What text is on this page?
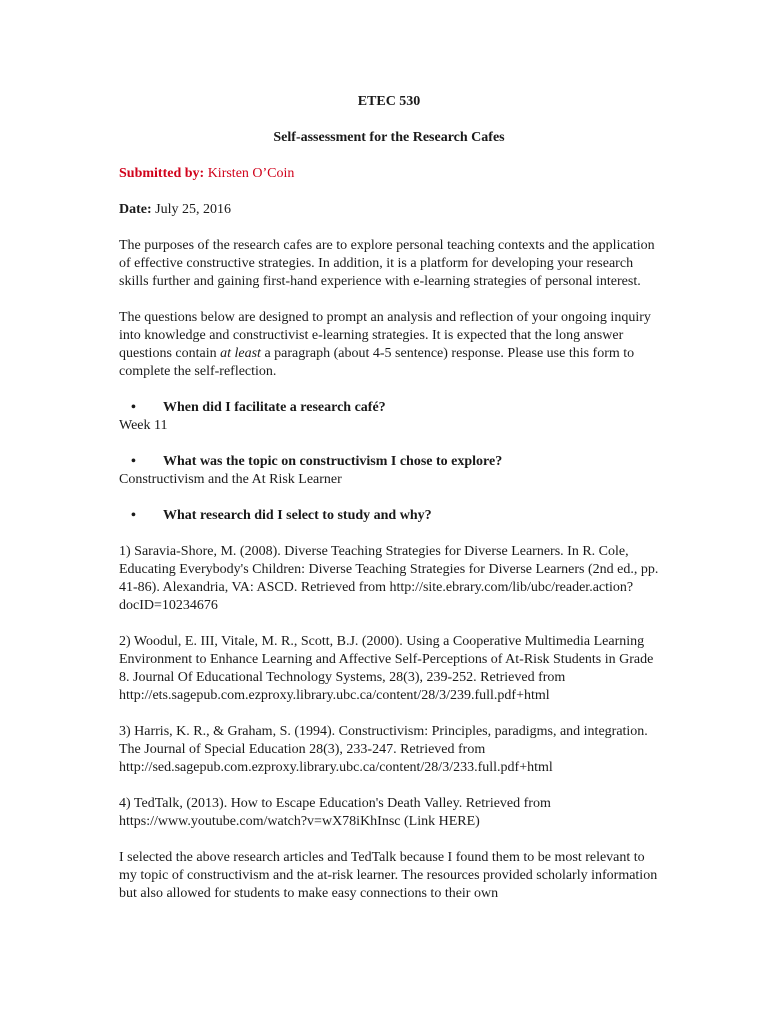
ETEC 530

Self-assessment for the Research Cafes

Submitted by: Kirsten O’Coin

Date: July 25, 2016

The purposes of the research cafes are to explore personal teaching contexts and the application of effective constructive strategies. In addition, it is a platform for developing your research skills further and gaining first-hand experience with e-learning strategies of personal interest.

The questions below are designed to prompt an analysis and reflection of your ongoing inquiry into knowledge and constructivist e-learning strategies. It is expected that the long answer questions contain at least a paragraph (about 4-5 sentence) response. Please use this form to complete the self-reflection.

•	When did I facilitate a research café?

Week 11

•	What was the topic on constructivism I chose to explore?

Constructivism and the At Risk Learner

•	What research did I select to study and why?

1) Saravia-Shore, M. (2008). Diverse Teaching Strategies for Diverse Learners. In R. Cole, Educating Everybody's Children: Diverse Teaching Strategies for Diverse Learners (2nd ed., pp. 41-86). Alexandria, VA: ASCD. Retrieved from http://site.ebrary.com/lib/ubc/reader.action?docID=10234676

2) Woodul, E. III, Vitale, M. R., Scott, B.J. (2000). Using a Cooperative Multimedia Learning Environment to Enhance Learning and Affective Self-Perceptions of At-Risk Students in Grade 8. Journal Of Educational Technology Systems, 28(3), 239-252. Retrieved from http://ets.sagepub.com.ezproxy.library.ubc.ca/content/28/3/239.full.pdf+html

3) Harris, K. R., & Graham, S. (1994). Constructivism: Principles, paradigms, and integration. The Journal of Special Education 28(3), 233-247. Retrieved from http://sed.sagepub.com.ezproxy.library.ubc.ca/content/28/3/233.full.pdf+html

4) TedTalk, (2013). How to Escape Education's Death Valley. Retrieved from https://www.youtube.com/watch?v=wX78iKhInsc (Link HERE)

I selected the above research articles and TedTalk because I found them to be most relevant to my topic of constructivism and the at-risk learner. The resources provided scholarly information but also allowed for students to make easy connections to their own
